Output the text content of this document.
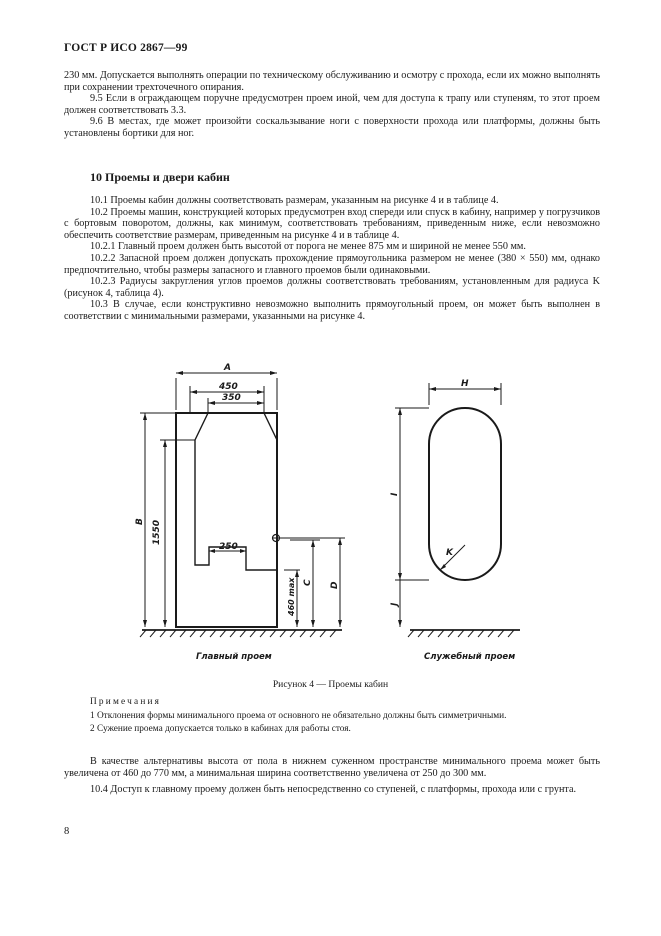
ГОСТ Р ИСО 2867—99

230 мм. Допускается выполнять операции по техническому обслуживанию и осмотру с прохода, если их можно выполнять при сохранении трехточечного опирания.

9.5 Если в ограждающем поручне предусмотрен проем иной, чем для доступа к трапу или ступеням, то этот проем должен соответствовать 3.3.

9.6 В местах, где может произойти соскальзывание ноги с поверхности прохода или платформы, должны быть установлены бортики для ног.

10 Проемы и двери кабин

10.1 Проемы кабин должны соответствовать размерам, указанным на рисунке 4 и в таблице 4.

10.2 Проемы машин, конструкцией которых предусмотрен вход спереди или спуск в кабину, например у погрузчиков с бортовым поворотом, должны, как минимум, соответствовать требованиям, приведенным ниже, если невозможно обеспечить соответствие размерам, приведенным на рисунке 4 и в таблице 4.

10.2.1 Главный проем должен быть высотой от порога не менее 875 мм и шириной не менее 550 мм.

10.2.2 Запасной проем должен допускать прохождение прямоугольника размером не менее (380 × 550) мм, однако предпочтительно, чтобы размеры запасного и главного проемов были одинаковыми.

10.2.3 Радиусы закругления углов проемов должны соответствовать требованиям, установленным для радиуса K (рисунок 4, таблица 4).

10.3 В случае, если конструктивно невозможно выполнить прямоугольный проем, он может быть выполнен в соответствии с минимальными размерами, указанными на рисунке 4.

A
450
350
250
B 1550
460 max C D
H
I
J
K
Главный проем	Служебный проем
Рисунок 4 — Проемы кабин
Примечания
1 Отклонения формы минимального проема от основного не обязательно должны быть симметричными.
2 Сужение проема допускается только в кабинах для работы стоя.

В качестве альтернативы высота от пола в нижнем суженном пространстве минимального проема может быть увеличена от 460 до 770 мм, а минимальная ширина соответственно увеличена от 250 до 300 мм.

10.4 Доступ к главному проему должен быть непосредственно со ступеней, с платформы, прохода или с грунта.

8
